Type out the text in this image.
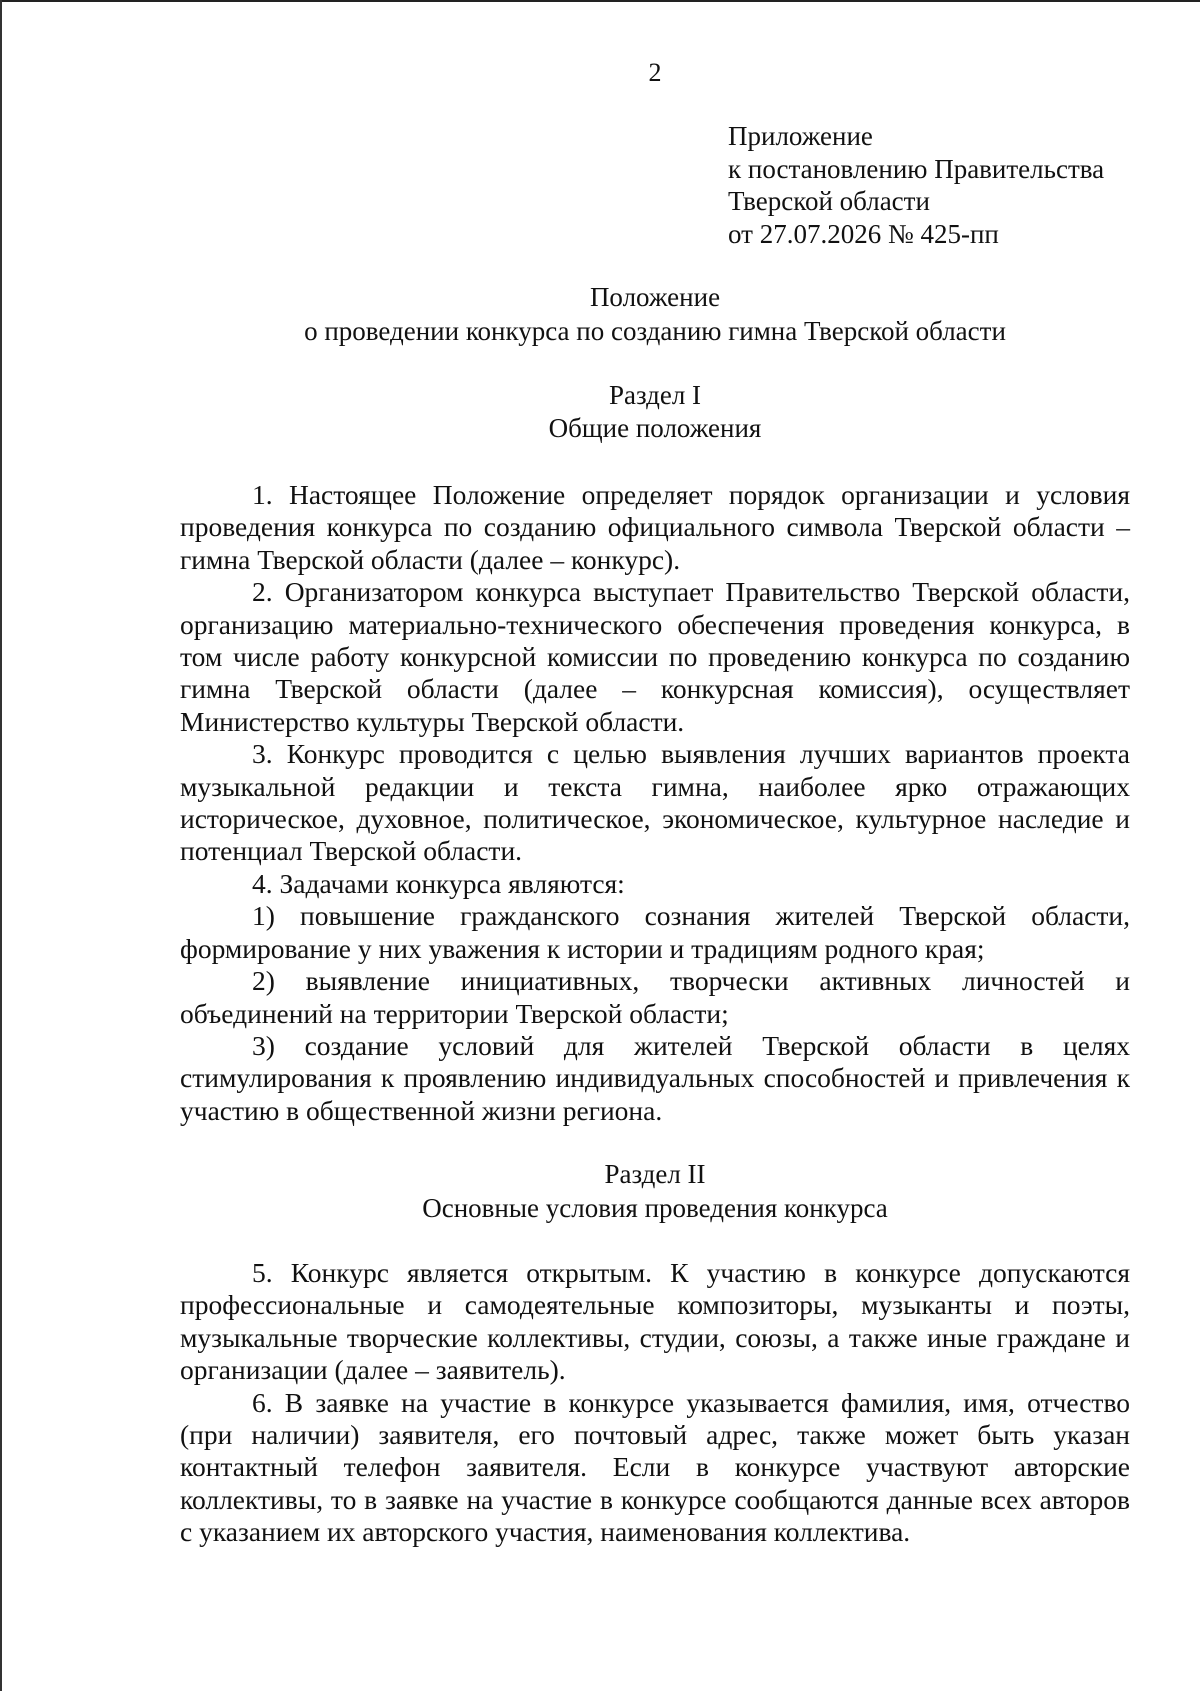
2
Приложение
к постановлению Правительства
Тверской области
от 27.07.2026 № 425-пп
Положение
о проведении конкурса по созданию гимна Тверской области
Раздел I
Общие положения

1. Настоящее Положение определяет порядок организации и условия проведения конкурса по созданию официального символа Тверской области – гимна Тверской области (далее – конкурс).

2. Организатором конкурса выступает Правительство Тверской области, организацию материально-технического обеспечения проведения конкурса, в том числе работу конкурсной комиссии по проведению конкурса по созданию гимна Тверской области (далее – конкурсная комиссия), осуществляет Министерство культуры Тверской области.

3. Конкурс проводится с целью выявления лучших вариантов проекта музыкальной редакции и текста гимна, наиболее ярко отражающих историческое, духовное, политическое, экономическое, культурное наследие и потенциал Тверской области.

4. Задачами конкурса являются:

1) повышение гражданского сознания жителей Тверской области, формирование у них уважения к истории и традициям родного края;

2) выявление инициативных, творчески активных личностей и объединений на территории Тверской области;

3) создание условий для жителей Тверской области в целях стимулирования к проявлению индивидуальных способностей и привлечения к участию в общественной жизни региона.

Раздел II
Основные условия проведения конкурса

5. Конкурс является открытым. К участию в конкурсе допускаются профессиональные и самодеятельные композиторы, музыканты и поэты, музыкальные творческие коллективы, студии, союзы, а также иные граждане и организации (далее – заявитель).

6. В заявке на участие в конкурсе указывается фамилия, имя, отчество (при наличии) заявителя, его почтовый адрес, также может быть указан контактный телефон заявителя. Если в конкурсе участвуют авторские коллективы, то в заявке на участие в конкурсе сообщаются данные всех авторов с указанием их авторского участия, наименования коллектива.
